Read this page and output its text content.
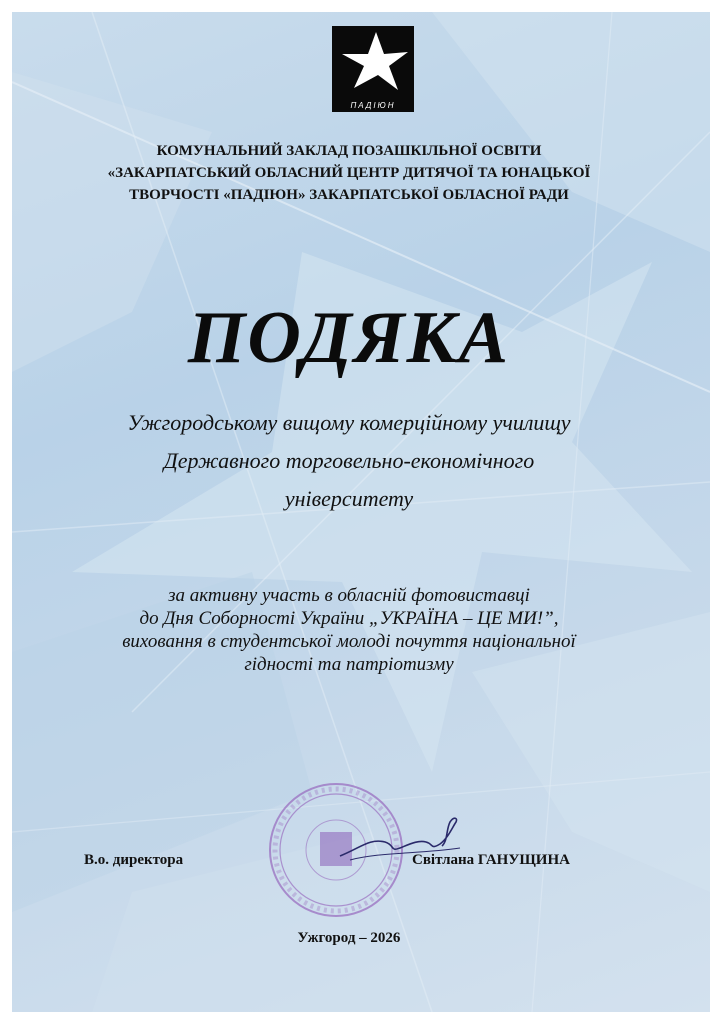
ПАДІЮН
КОМУНАЛЬНИЙ ЗАКЛАД ПОЗАШКІЛЬНОЇ ОСВІТИ
«ЗАКАРПАТСЬКИЙ ОБЛАСНИЙ ЦЕНТР ДИТЯЧОЇ ТА ЮНАЦЬКОЇ
ТВОРЧОСТІ «ПАДІЮН» ЗАКАРПАТСЬКОЇ ОБЛАСНОЇ РАДИ
ПОДЯКА
Ужгородському вищому комерційному училищу
Державного торговельно-економічного
університету
за активну участь в обласній фотовиставці
до Дня Соборності України „УКРАЇНА – ЦЕ МИ!”,
виховання в студентської молоді почуття національної
гідності та патріотизму
В.о. директора	Світлана ГАНУЩИНА
Ужгород – 2026
